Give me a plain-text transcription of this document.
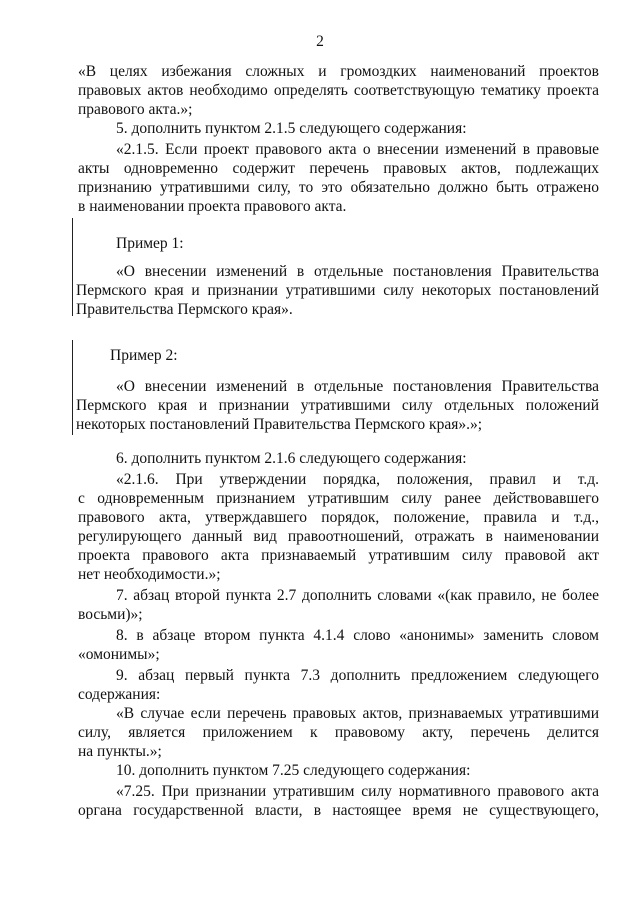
2
«В целях избежания сложных и громоздких наименований проектов
правовых актов необходимо определять соответствующую тематику проекта
правового акта.»;
5. дополнить пунктом 2.1.5 следующего содержания:
«2.1.5. Если проект правового акта о внесении изменений в правовые
акты одновременно содержит перечень правовых актов, подлежащих
признанию утратившими силу, то это обязательно должно быть отражено
в наименовании проекта правового акта.
Пример 1:
«О внесении изменений в отдельные постановления Правительства
Пермского края и признании утратившими силу некоторых постановлений
Правительства Пермского края».
Пример 2:
«О внесении изменений в отдельные постановления Правительства
Пермского края и признании утратившими силу отдельных положений
некоторых постановлений Правительства Пермского края».»;
6. дополнить пунктом 2.1.6 следующего содержания:
«2.1.6. При утверждении порядка, положения, правил и т.д.
с одновременным признанием утратившим силу ранее действовавшего
правового акта, утверждавшего порядок, положение, правила и т.д.,
регулирующего данный вид правоотношений, отражать в наименовании
проекта правового акта признаваемый утратившим силу правовой акт
нет необходимости.»;
7. абзац второй пункта 2.7 дополнить словами «(как правило, не более
восьми)»;
8. в абзаце втором пункта 4.1.4 слово «анонимы» заменить словом
«омонимы»;
9. абзац первый пункта 7.3 дополнить предложением следующего
содержания:
«В случае если перечень правовых актов, признаваемых утратившими
силу, является приложением к правовому акту, перечень делится
на пункты.»;
10. дополнить пунктом 7.25 следующего содержания:
«7.25. При признании утратившим силу нормативного правового акта
органа государственной власти, в настоящее время не существующего,
